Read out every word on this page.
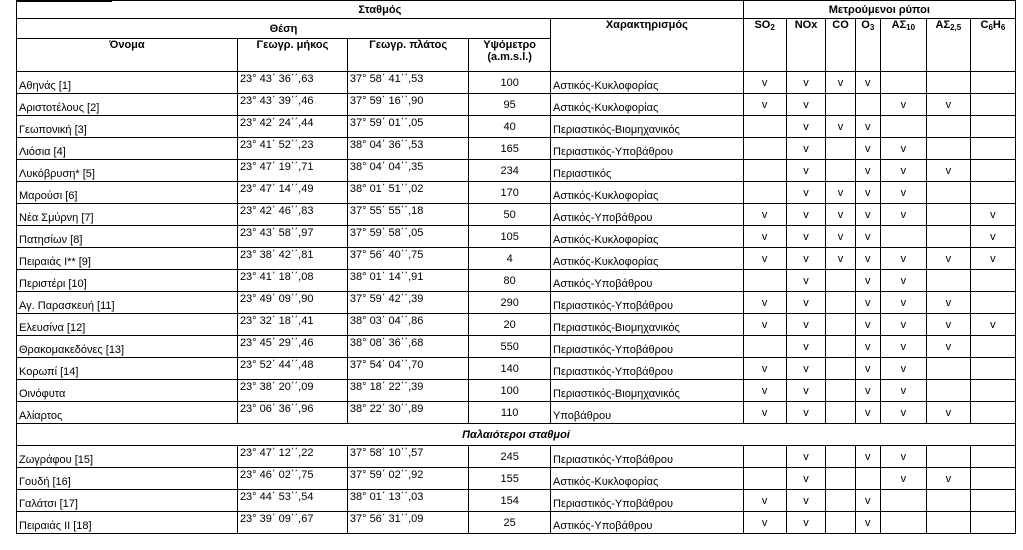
Σταθμός					Μετρούμενοι ρύποι						
Θέση				Χαρακτηρισμός	$SO_2$	NOx	CO	$O_3$	$A\Sigma_{10}$	$A\Sigma_{2,5}$	$C_6H_6$
Όνομα	Γεωγρ. μήκος	Γεωγρ. πλάτος	Υψόμετρο
(a.m.s.l.)								
Αθηνάς [1]	23° 43΄ 36΄΄,63	37° 58΄ 41΄΄,53	100	Αστικός-Κυκλοφορίας	v	v	v	v			
Αριστοτέλους [2]	23° 43΄ 39΄΄,46	37° 59΄ 16΄΄,90	95	Αστικός-Κυκλοφορίας	v	v			v	v	
Γεωπονική [3]	23° 42΄ 24΄΄,44	37° 59΄ 01΄΄,05	40	Περιαστικός-Βιομηχανικός		v	v	v			
Λιόσια [4]	23° 41΄ 52΄΄,23	38° 04΄ 36΄΄,53	165	Περιαστικός-Υποβάθρου		v		v	v		
Λυκόβρυση* [5]	23° 47΄ 19΄΄,71	38° 04΄ 04΄΄,35	234	Περιαστικός		v		v	v	v	
Μαρούσι [6]	23° 47΄ 14΄΄,49	38° 01΄ 51΄΄,02	170	Αστικός-Κυκλοφορίας		v	v	v	v		
Νέα Σμύρνη [7]	23° 42΄ 46΄΄,83	37° 55΄ 55΄΄,18	50	Αστικός-Υποβάθρου	v	v	v	v	v		v
Πατησίων [8]	23° 43΄ 58΄΄,97	37° 59΄ 58΄΄,05	105	Αστικός-Κυκλοφορίας	v	v	v	v			v
Πειραιάς Ι** [9]	23° 38΄ 42΄΄,81	37° 56΄ 40΄΄,75	4	Αστικός-Κυκλοφορίας	v	v	v	v	v	v	v
Περιστέρι [10]	23° 41΄ 18΄΄,08	38° 01΄ 14΄΄,91	80	Αστικός-Υποβάθρου		v		v	v		
Αγ. Παρασκευή [11]	23° 49΄ 09΄΄,90	37° 59΄ 42΄΄,39	290	Περιαστικός-Υποβάθρου	v	v		v	v	v	
Ελευσίνα [12]	23° 32΄ 18΄΄,41	38° 03΄ 04΄΄,86	20	Περιαστικός-Βιομηχανικός	v	v		v	v	v	v
Θρακομακεδόνες [13]	23° 45΄ 29΄΄,46	38° 08΄ 36΄΄,68	550	Περιαστικός-Υποβάθρου		v		v	v	v	
Κορωπί [14]	23° 52΄ 44΄΄,48	37° 54΄ 04΄΄,70	140	Περιαστικός-Υποβάθρου	v	v		v	v		
Οινόφυτα	23° 38΄ 20΄΄,09	38° 18΄ 22΄΄,39	100	Περιαστικός-Βιομηχανικός	v	v		v	v		
Αλίαρτος	23° 06΄ 36΄΄,96	38° 22΄ 30΄΄,89	110	Υποβάθρου	v	v		v	v	v	
Παλαιότεροι σταθμοί											
Ζωγράφου [15]	23° 47΄ 12΄΄,22	37° 58΄ 10΄΄,57	245	Περιαστικός-Υποβάθρου		v		v	v		
Γουδή [16]	23° 46΄ 02΄΄,75	37° 59΄ 02΄΄,92	155	Αστικός-Κυκλοφορίας		v			v	v	
Γαλάτσι [17]	23° 44΄ 53΄΄,54	38° 01΄ 13΄΄,03	154	Περιαστικός-Υποβάθρου	v	v		v			
Πειραιάς ΙΙ [18]	23° 39΄ 09΄΄,67	37° 56΄ 31΄΄,09	25	Αστικός-Υποβάθρου	v	v		v			
